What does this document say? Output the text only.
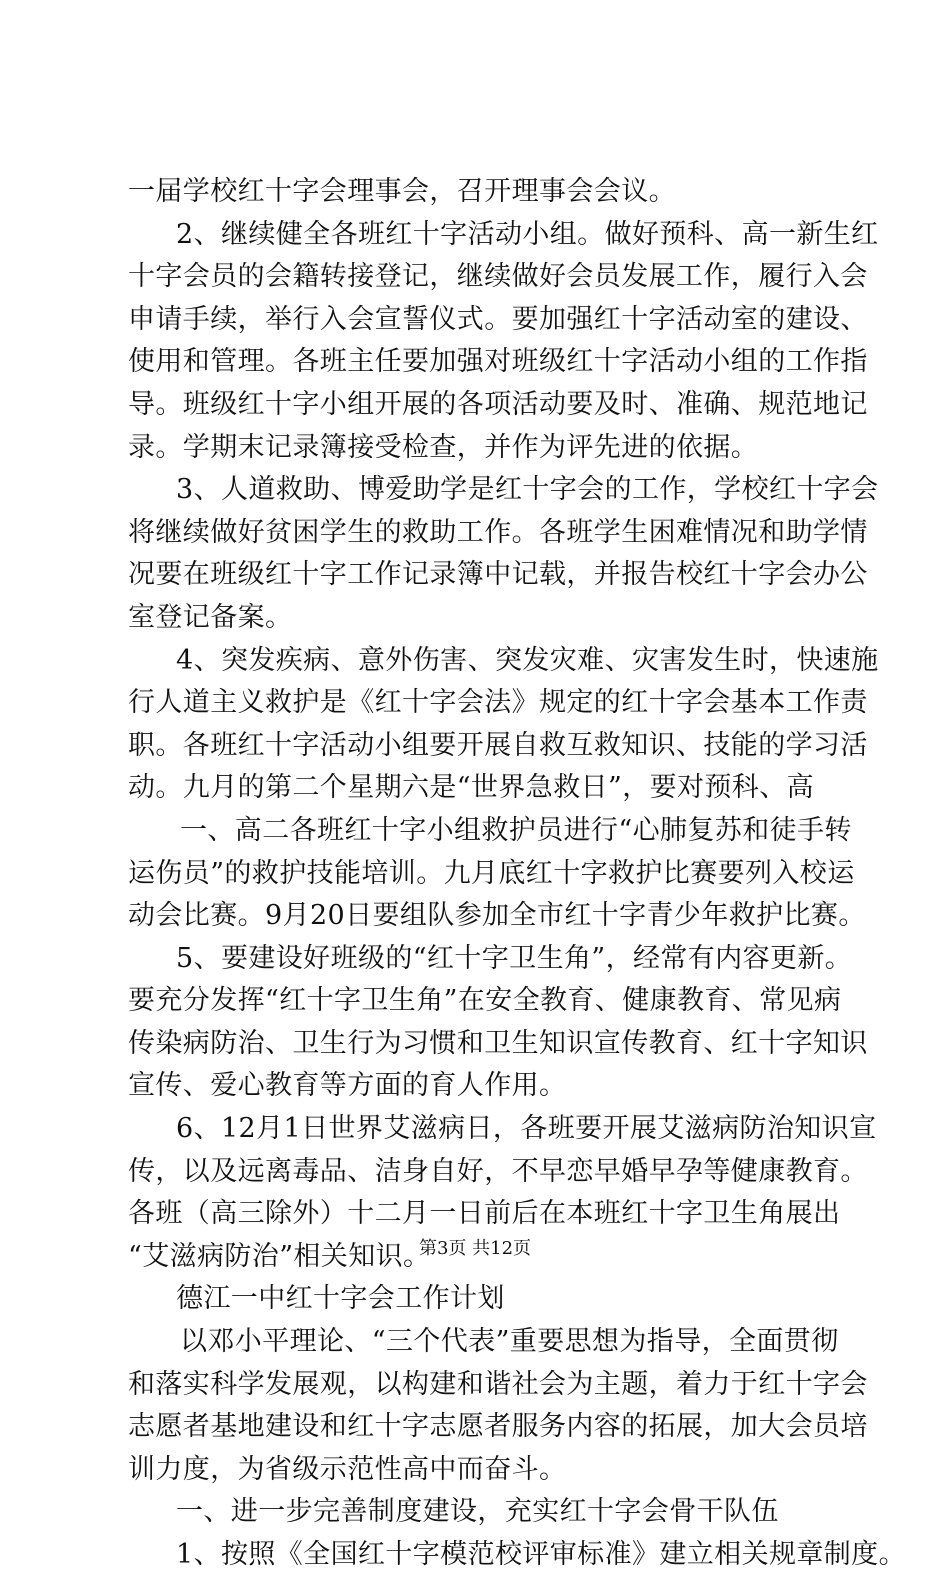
一届学校红十字会理事会，召开理事会会议。
2、继续健全各班红十字活动小组。做好预科、高一新生红
十字会员的会籍转接登记，继续做好会员发展工作，履行入会
申请手续，举行入会宣誓仪式。要加强红十字活动室的建设、
使用和管理。各班主任要加强对班级红十字活动小组的工作指
导。班级红十字小组开展的各项活动要及时、准确、规范地记
录。学期末记录簿接受检查，并作为评先进的依据。
3、人道救助、博爱助学是红十字会的工作，学校红十字会
将继续做好贫困学生的救助工作。各班学生困难情况和助学情
况要在班级红十字工作记录簿中记载，并报告校红十字会办公
室登记备案。
4、突发疾病、意外伤害、突发灾难、灾害发生时，快速施
行人道主义救护是《红十字会法》规定的红十字会基本工作责
职。各班红十字活动小组要开展自救互救知识、技能的学习活
动。九月的第二个星期六是“世界急救日”，要对预科、高
一、高二各班红十字小组救护员进行“心肺复苏和徒手转
运伤员”的救护技能培训。九月底红十字救护比赛要列入校运
动会比赛。9月20日要组队参加全市红十字青少年救护比赛。
5、要建设好班级的“红十字卫生角”，经常有内容更新。
要充分发挥“红十字卫生角”在安全教育、健康教育、常见病
传染病防治、卫生行为习惯和卫生知识宣传教育、红十字知识
宣传、爱心教育等方面的育人作用。
6、12月1日世界艾滋病日，各班要开展艾滋病防治知识宣
传，以及远离毒品、洁身自好，不早恋早婚早孕等健康教育。
各班（高三除外）十二月一日前后在本班红十字卫生角展出
“艾滋病防治”相关知识。
德江一中红十字会工作计划
以邓小平理论、“三个代表”重要思想为指导，全面贯彻
和落实科学发展观，以构建和谐社会为主题，着力于红十字会
志愿者基地建设和红十字志愿者服务内容的拓展，加大会员培
训力度，为省级示范性高中而奋斗。
一、进一步完善制度建设，充实红十字会骨干队伍
1、按照《全国红十字模范校评审标准》建立相关规章制度。
第3页 共12页
